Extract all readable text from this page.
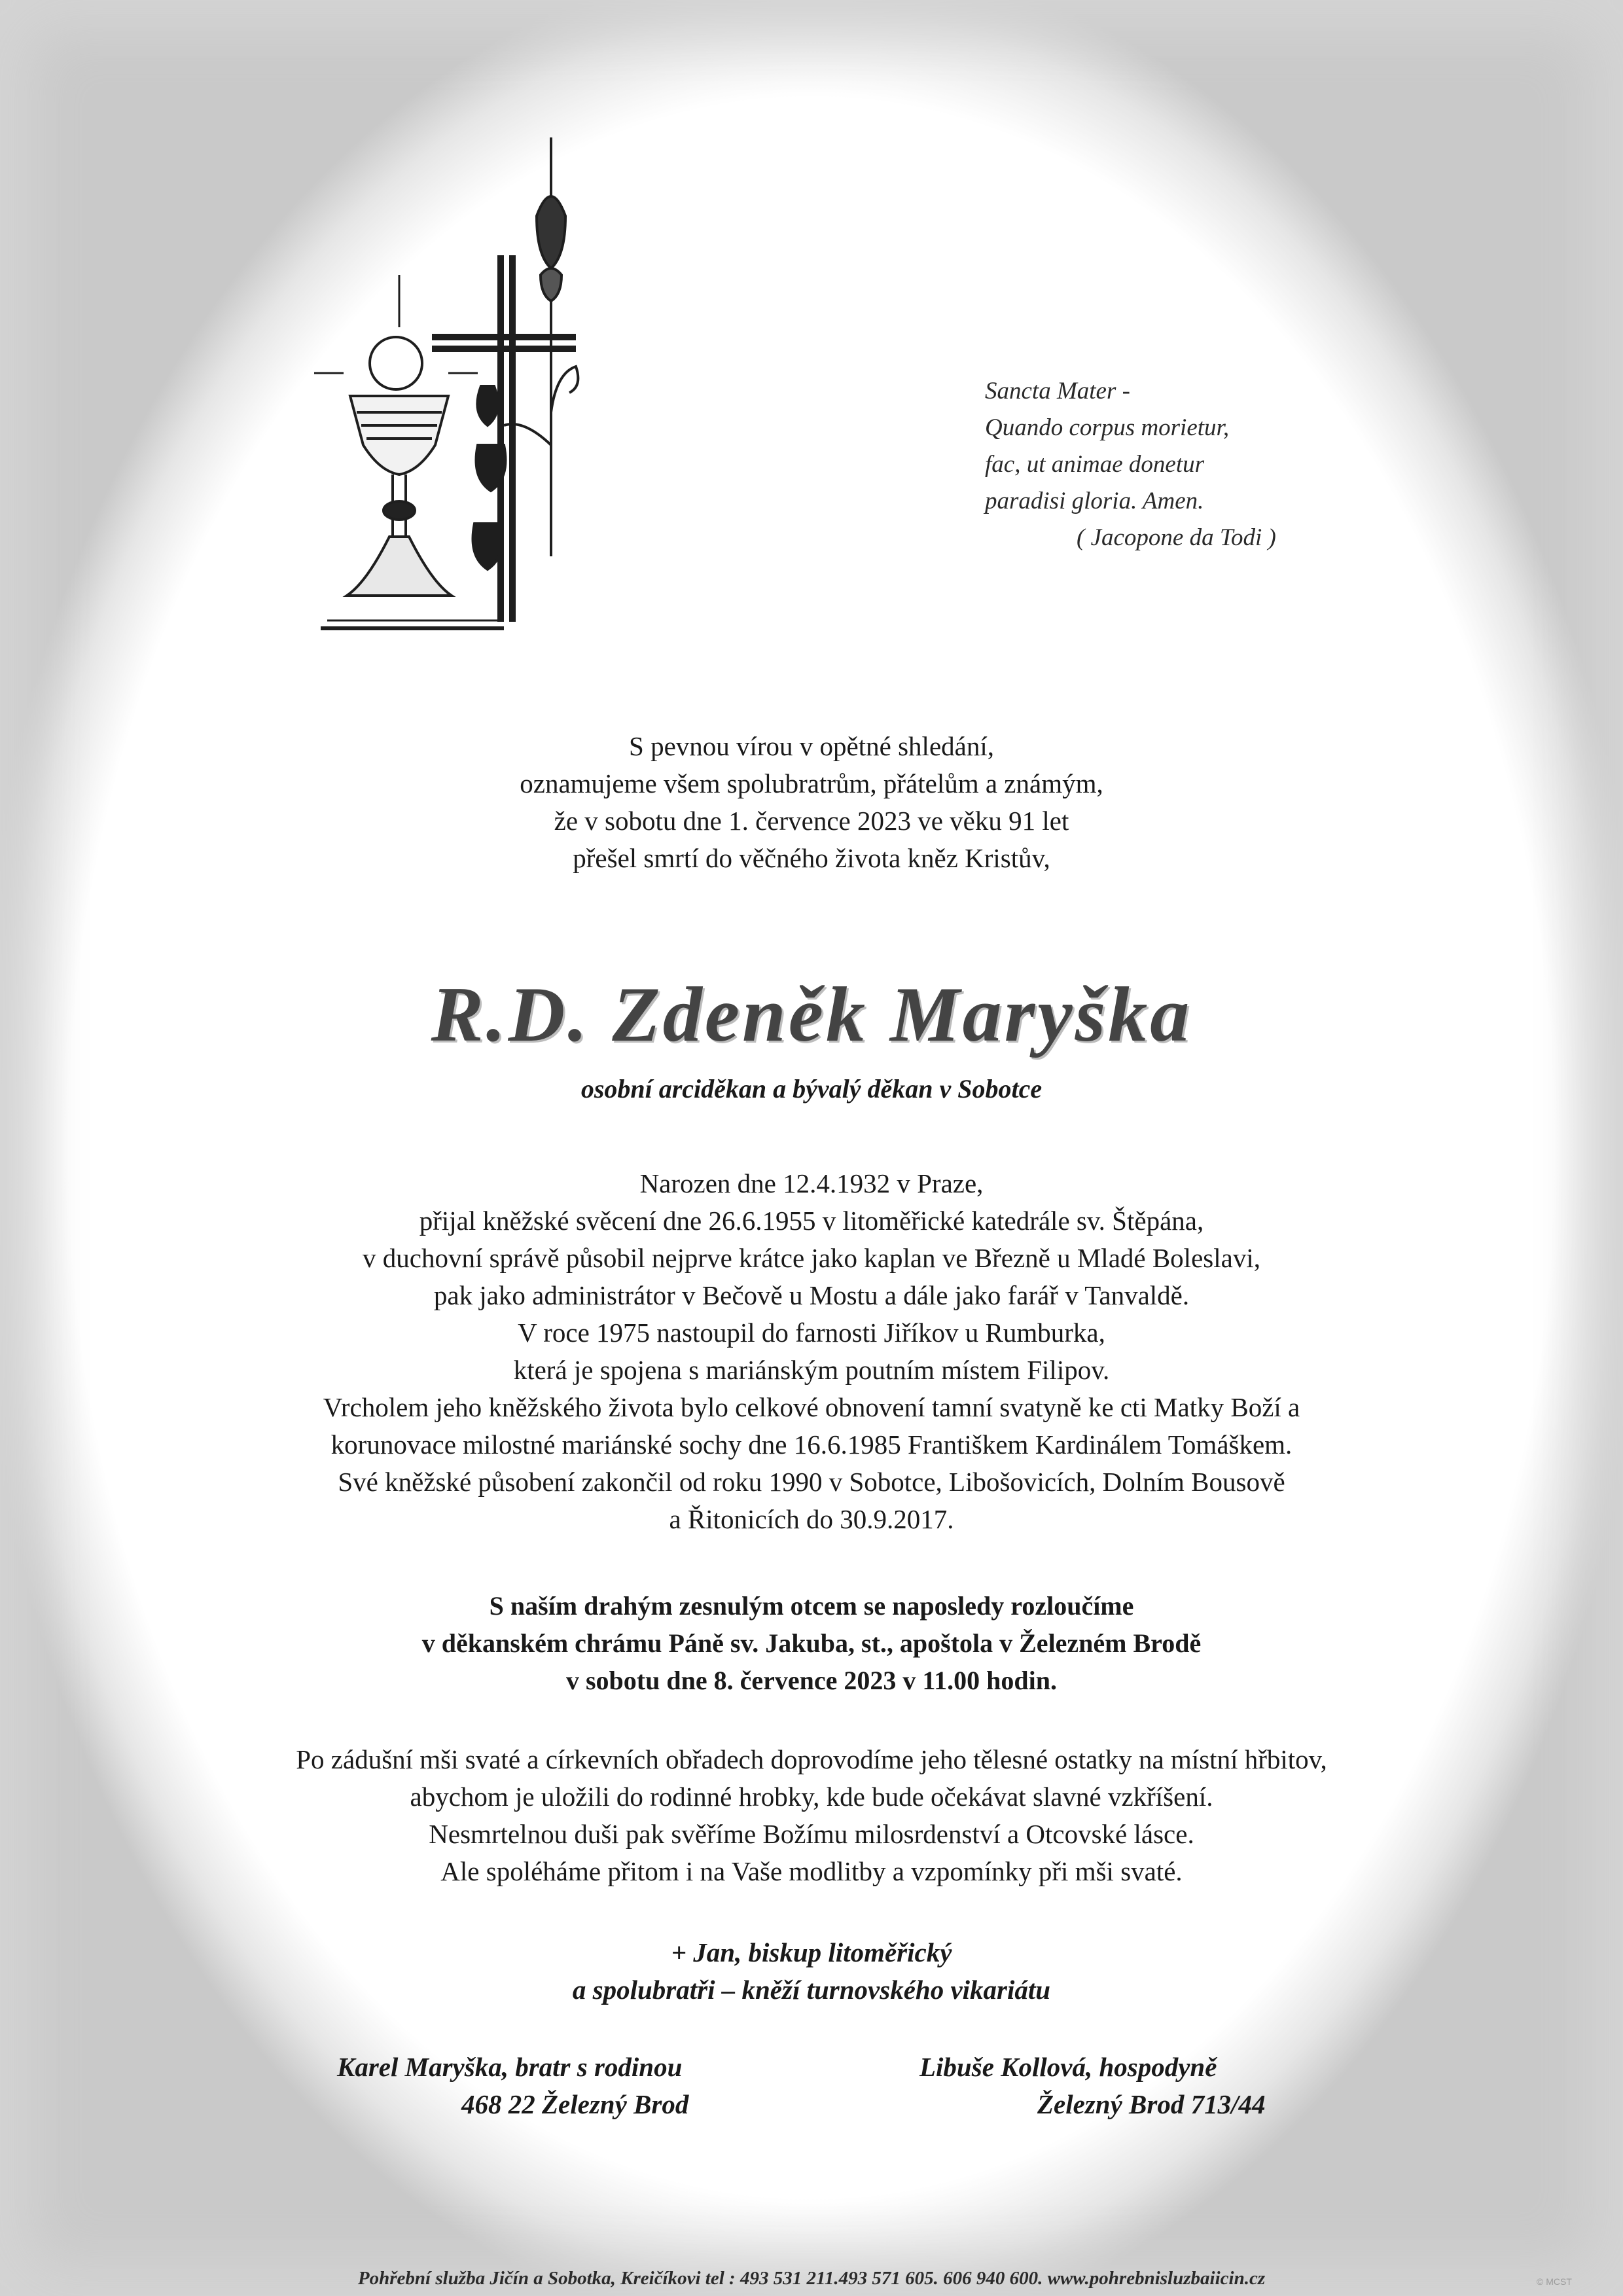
Sancta Mater -
Quando corpus morietur,
fac, ut animae donetur
paradisi gloria. Amen.
( Jacopone da Todi )
S pevnou vírou v opětné shledání,
oznamujeme všem spolubratrům, přátelům a známým,
že v sobotu dne 1. července 2023 ve věku 91 let
přešel smrtí do věčného života kněz Kristův,
R.D. Zdeněk Maryška
osobní arciděkan a bývalý děkan v Sobotce
Narozen dne 12.4.1932 v Praze,
přijal kněžské svěcení dne 26.6.1955 v litoměřické katedrále sv. Štěpána,
v duchovní správě působil nejprve krátce jako kaplan ve Březně u Mladé Boleslavi,
pak jako administrátor v Bečově u Mostu a dále jako farář v Tanvaldě.
V roce 1975 nastoupil do farnosti Jiříkov u Rumburka,
která je spojena s mariánským poutním místem Filipov.
Vrcholem jeho kněžského života bylo celkové obnovení tamní svatyně ke cti Matky Boží a
korunovace milostné mariánské sochy dne 16.6.1985 Františkem Kardinálem Tomáškem.
Své kněžské působení zakončil od roku 1990 v Sobotce, Libošovicích, Dolním Bousově
a Řitonicích do 30.9.2017.
S naším drahým zesnulým otcem se naposledy rozloučíme
v děkanském chrámu Páně sv. Jakuba, st., apoštola v Železném Brodě
v sobotu dne 8. července 2023 v 11.00 hodin.
Po zádušní mši svaté a církevních obřadech doprovodíme jeho tělesné ostatky na místní hřbitov,
abychom je uložili do rodinné hrobky, kde bude očekávat slavné vzkříšení.
Nesmrtelnou duši pak svěříme Božímu milosrdenství a Otcovské lásce.
Ale spoléháme přitom i na Vaše modlitby a vzpomínky při mši svaté.
+ Jan, biskup litoměřický
a spolubratři – kněží turnovského vikariátu
Karel Maryška, bratr s rodinou
468 22 Železný Brod
Libuše Kollová, hospodyně
Železný Brod 713/44
Pohřební služba Jičín a Sobotka, Kreičíkovi tel : 493 531 211.493 571 605. 606 940 600. www.pohrebnisluzbaiicin.cz	© MCST
